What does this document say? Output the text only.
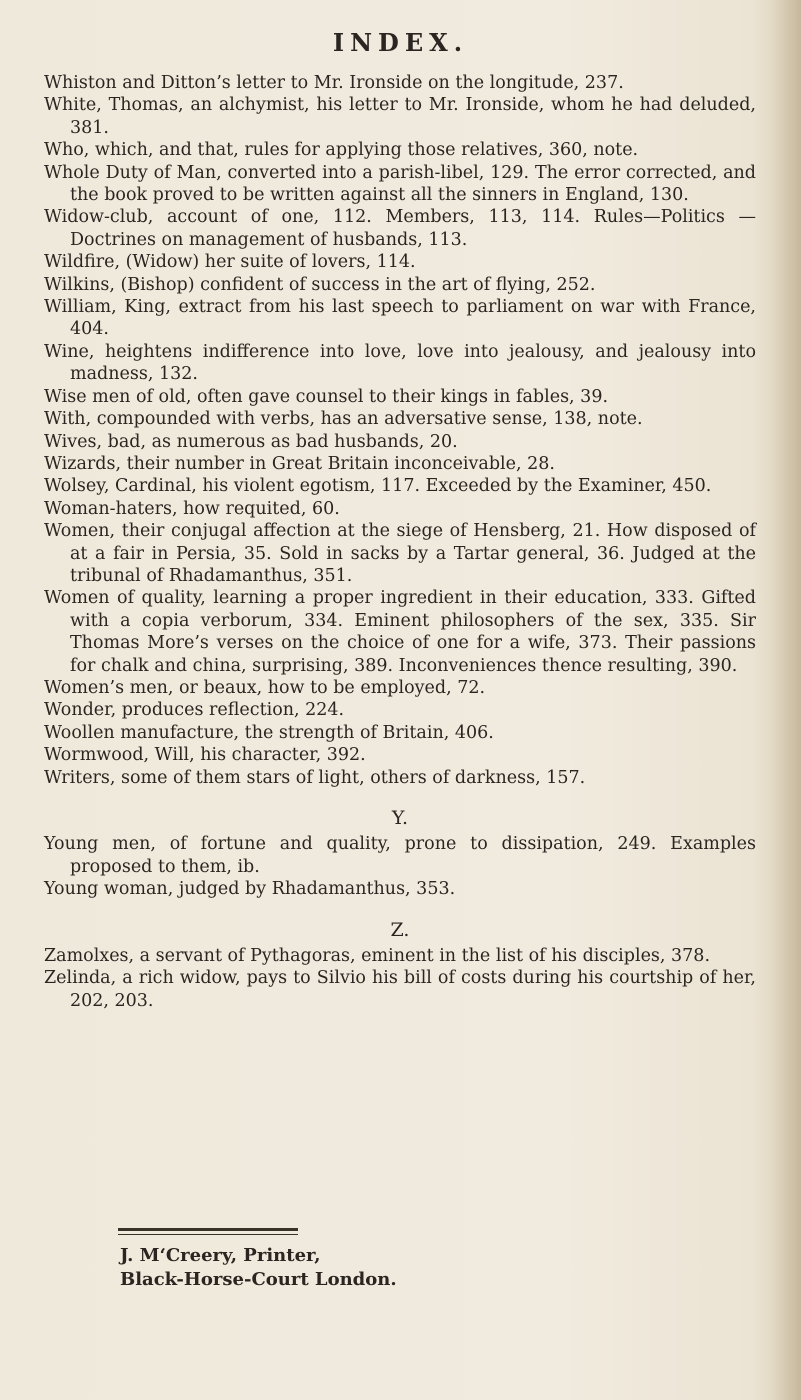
INDEX.

Whiston and Ditton’s letter to Mr. Ironside on the longitude, 237.

White, Thomas, an alchymist, his letter to Mr. Ironside, whom he had deluded, 381.

Who, which, and that, rules for applying those relatives, 360, note.

Whole Duty of Man, converted into a parish-libel, 129. The error corrected, and the book proved to be written against all the sinners in England, 130.

Widow-club, account of one, 112. Members, 113, 114. Rules—Politics —Doctrines on management of husbands, 113.

Wildfire, (Widow) her suite of lovers, 114.

Wilkins, (Bishop) confident of success in the art of flying, 252.

William, King, extract from his last speech to parliament on war with France, 404.

Wine, heightens indifference into love, love into jealousy, and jealousy into madness, 132.

Wise men of old, often gave counsel to their kings in fables, 39.

With, compounded with verbs, has an adversative sense, 138, note.

Wives, bad, as numerous as bad husbands, 20.

Wizards, their number in Great Britain inconceivable, 28.

Wolsey, Cardinal, his violent egotism, 117. Exceeded by the Examiner, 450.

Woman-haters, how requited, 60.

Women, their conjugal affection at the siege of Hensberg, 21. How disposed of at a fair in Persia, 35. Sold in sacks by a Tartar general, 36. Judged at the tribunal of Rhadamanthus, 351.

Women of quality, learning a proper ingredient in their education, 333. Gifted with a copia verborum, 334. Eminent philosophers of the sex, 335. Sir Thomas More’s verses on the choice of one for a wife, 373. Their passions for chalk and china, surprising, 389. Inconveniences thence resulting, 390.

Women’s men, or beaux, how to be employed, 72.

Wonder, produces reflection, 224.

Woollen manufacture, the strength of Britain, 406.

Wormwood, Will, his character, 392.

Writers, some of them stars of light, others of darkness, 157.

Y.

Young men, of fortune and quality, prone to dissipation, 249. Examples proposed to them, ib.

Young woman, judged by Rhadamanthus, 353.

Z.

Zamolxes, a servant of Pythagoras, eminent in the list of his disciples, 378.

Zelinda, a rich widow, pays to Silvio his bill of costs during his courtship of her, 202, 203.

J. M‘Creery, Printer,
Black-Horse-Court London.
